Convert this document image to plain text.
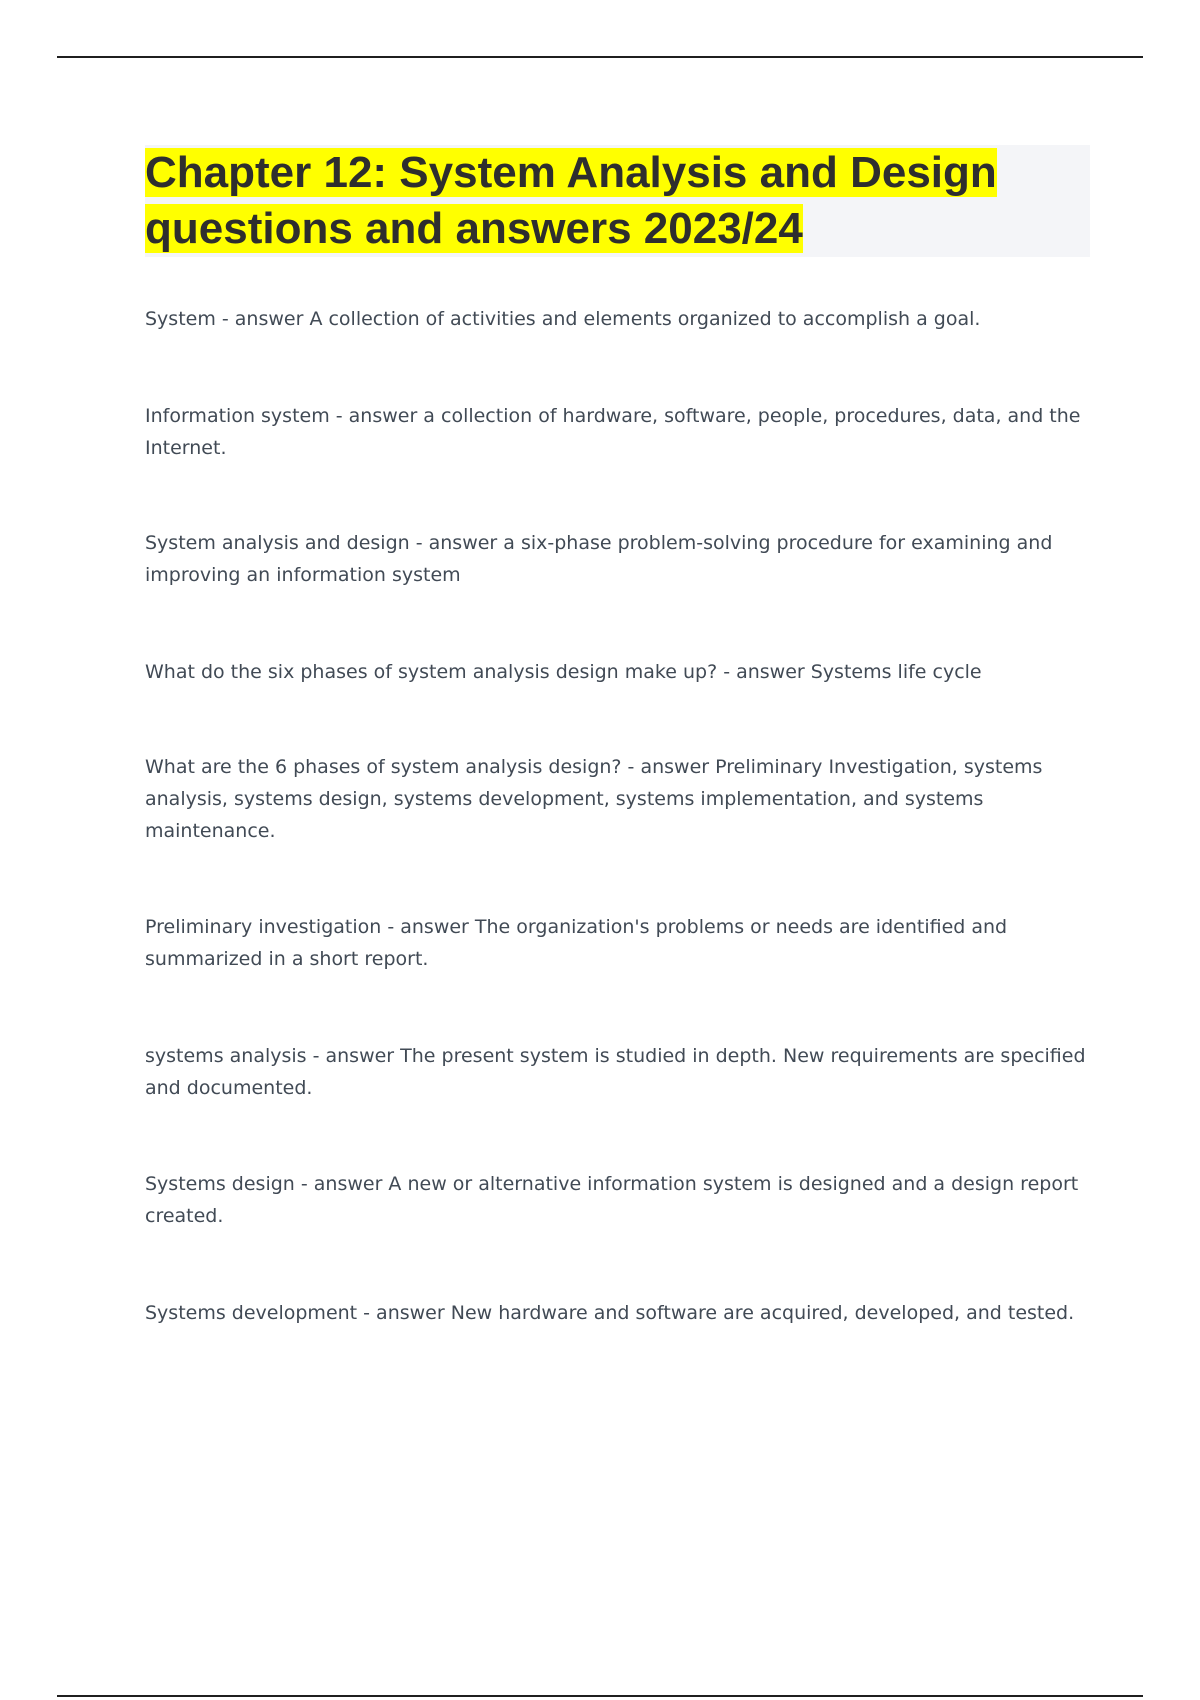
Chapter 12: System Analysis and Design
questions and answers 2023/24

System - answer A collection of activities and elements organized to accomplish a goal.

Information system - answer a collection of hardware, software, people, procedures, data, and the Internet.

System analysis and design - answer a six-phase problem-solving procedure for examining and improving an information system

What do the six phases of system analysis design make up? - answer Systems life cycle

What are the 6 phases of system analysis design? - answer Preliminary Investigation, systems analysis, systems design, systems development, systems implementation, and systems maintenance.

Preliminary investigation - answer The organization's problems or needs are identified and summarized in a short report.

systems analysis - answer The present system is studied in depth. New requirements are specified and documented.

Systems design - answer A new or alternative information system is designed and a design report created.

Systems development - answer New hardware and software are acquired, developed, and tested.
